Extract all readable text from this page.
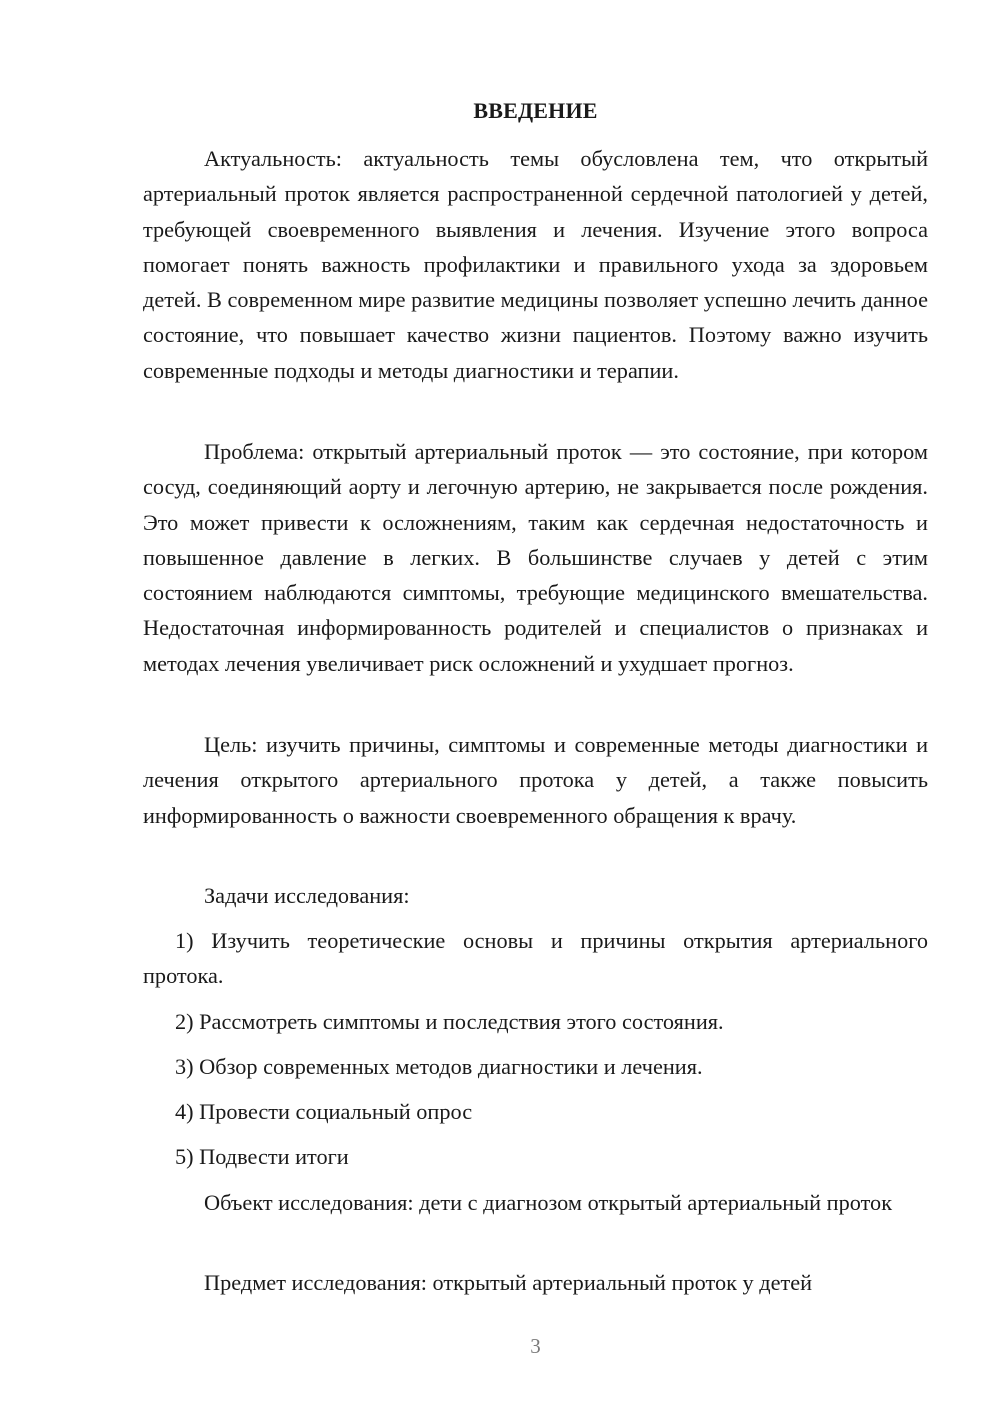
ВВЕДЕНИЕ

Актуальность: актуальность темы обусловлена тем, что открытый артериальный проток является распространенной сердечной патологией у детей, требующей своевременного выявления и лечения. Изучение этого вопроса помогает понять важность профилактики и правильного ухода за здоровьем детей. В современном мире развитие медицины позволяет успешно лечить данное состояние, что повышает качество жизни пациентов. Поэтому важно изучить современные подходы и методы диагностики и терапии.

Проблема: открытый артериальный проток — это состояние, при котором сосуд, соединяющий аорту и легочную артерию, не закрывается после рождения. Это может привести к осложнениям, таким как сердечная недостаточность и повышенное давление в легких. В большинстве случаев у детей с этим состоянием наблюдаются симптомы, требующие медицинского вмешательства. Недостаточная информированность родителей и специалистов о признаках и методах лечения увеличивает риск осложнений и ухудшает прогноз.

Цель: изучить причины, симптомы и современные методы диагностики и лечения открытого артериального протока у детей, а также повысить информированность о важности своевременного обращения к врачу.

Задачи исследования:

1) Изучить теоретические основы и причины открытия артериального протока.

2) Рассмотреть симптомы и последствия этого состояния.

3) Обзор современных методов диагностики и лечения.

4) Провести социальный опрос

5) Подвести итоги

Объект исследования: дети с диагнозом открытый артериальный проток

Предмет исследования: открытый артериальный проток у детей

3
